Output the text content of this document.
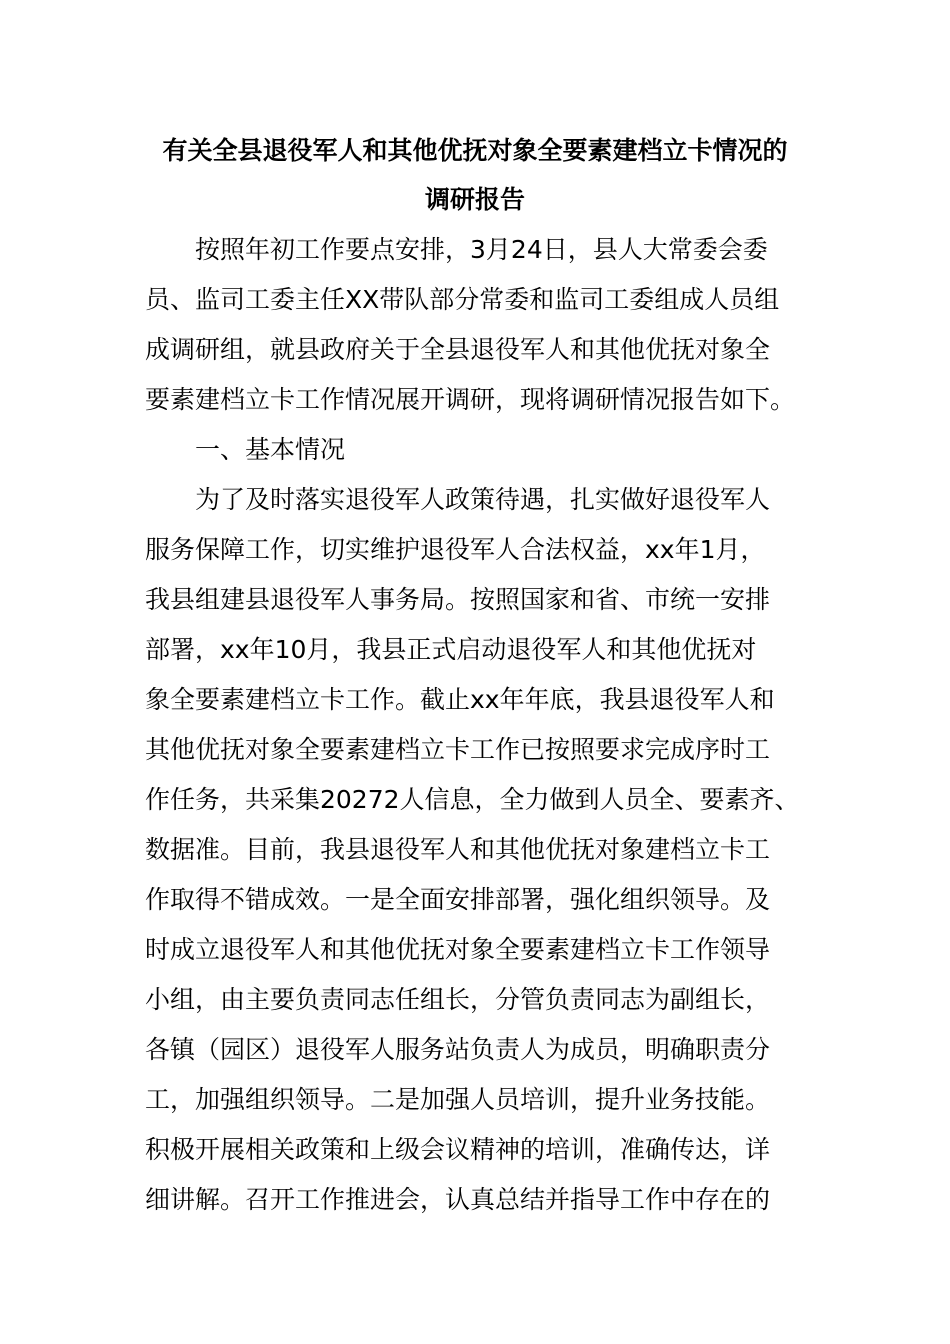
有关全县退役军人和其他优抚对象全要素建档立卡情况的
调研报告
按照年初工作要点安排，3月24日，县人大常委会委
员、监司工委主任XX带队部分常委和监司工委组成人员组
成调研组，就县政府关于全县退役军人和其他优抚对象全
要素建档立卡工作情况展开调研，现将调研情况报告如下。
一、基本情况
为了及时落实退役军人政策待遇，扎实做好退役军人
服务保障工作，切实维护退役军人合法权益，xx年1月，
我县组建县退役军人事务局。按照国家和省、市统一安排
部署，xx年10月，我县正式启动退役军人和其他优抚对
象全要素建档立卡工作。截止xx年年底，我县退役军人和
其他优抚对象全要素建档立卡工作已按照要求完成序时工
作任务，共采集20272人信息，全力做到人员全、要素齐、
数据准。目前，我县退役军人和其他优抚对象建档立卡工
作取得不错成效。一是全面安排部署，强化组织领导。及
时成立退役军人和其他优抚对象全要素建档立卡工作领导
小组，由主要负责同志任组长，分管负责同志为副组长，
各镇（园区）退役军人服务站负责人为成员，明确职责分
工，加强组织领导。二是加强人员培训，提升业务技能。
积极开展相关政策和上级会议精神的培训，准确传达，详
细讲解。召开工作推进会，认真总结并指导工作中存在的
